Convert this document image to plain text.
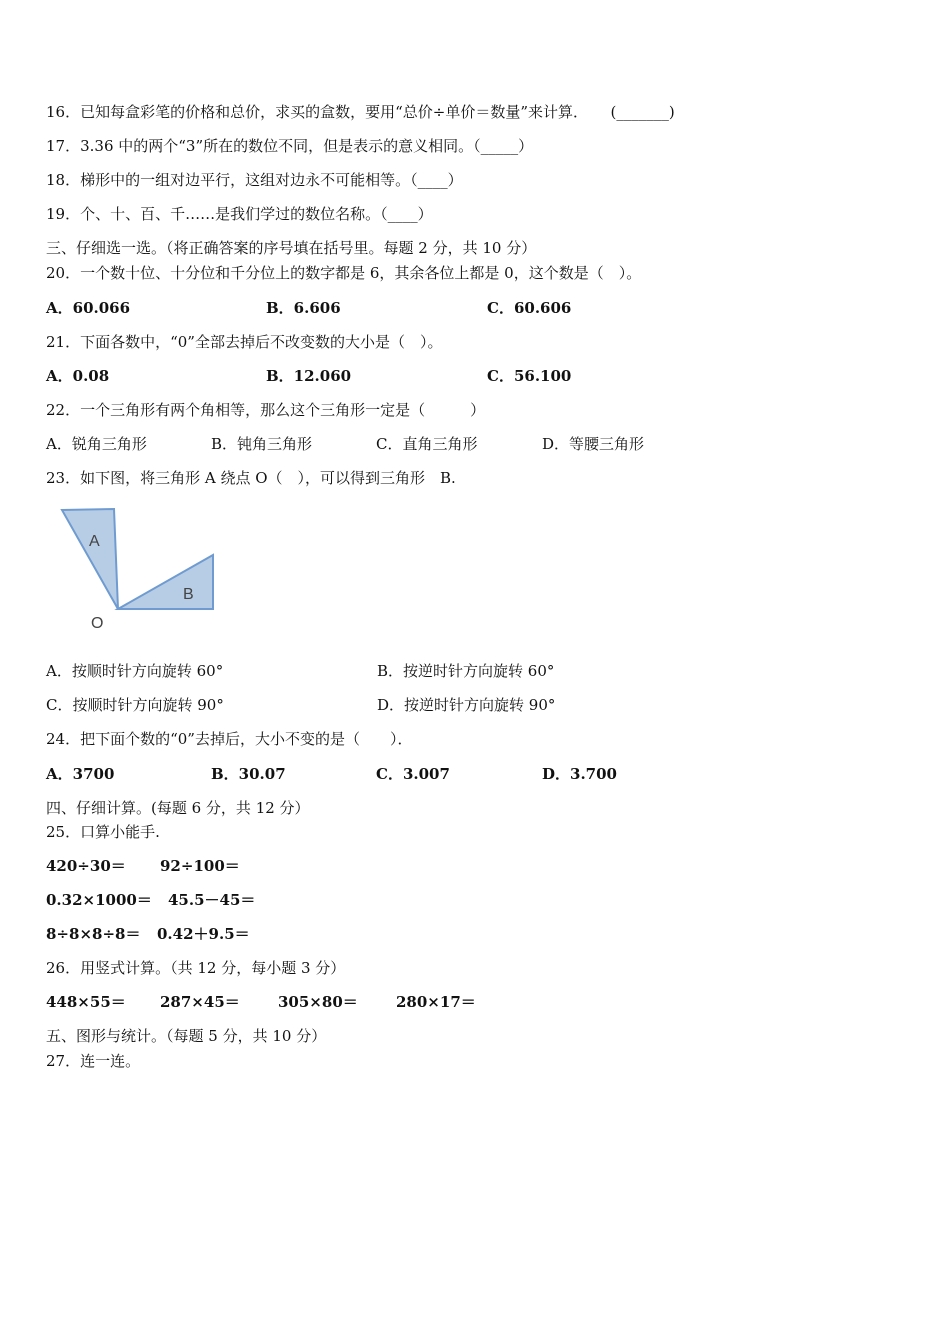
16．已知每盒彩笔的价格和总价，求买的盒数，要用“总价÷单价＝数量”来计算．　　(_______)
17．3.36 中的两个“3”所在的数位不同，但是表示的意义相同。（_____）
18．梯形中的一组对边平行，这组对边永不可能相等。（____）
19．个、十、百、千……是我们学过的数位名称。（____）
三、仔细选一选。（将正确答案的序号填在括号里。每题 2 分，共 10 分）
20．一个数十位、十分位和千分位上的数字都是 6，其余各位上都是 0，这个数是（　）。
A．60.066	B．6.606	C．60.606
21．下面各数中，“0”全部去掉后不改变数的大小是（　）。
A．0.08	B．12.060	C．56.100
22．一个三角形有两个角相等，那么这个三角形一定是（　　　）
A．锐角三角形	B．钝角三角形	C．直角三角形	D．等腰三角形
23．如下图，将三角形 A 绕点 O（　），可以得到三角形　B.
A
B
O
A．按顺时针方向旋转 60°	B．按逆时针方向旋转 60°
C．按顺时针方向旋转 90°	D．按逆时针方向旋转 90°
24．把下面个数的“0”去掉后，大小不变的是（　　）．
A．3700	B．30.07	C．3.007	D．3.700
四、仔细计算。(每题 6 分，共 12 分）
25．口算小能手.
420÷30＝ 92÷100＝
0.32×1000＝ 45.5－45＝
8÷8×8÷8＝ 0.42＋9.5＝
26．用竖式计算。（共 12 分，每小题 3 分）
448×55＝ 287×45＝	305×80＝	280×17＝
五、图形与统计。（每题 5 分，共 10 分）
27．连一连。
